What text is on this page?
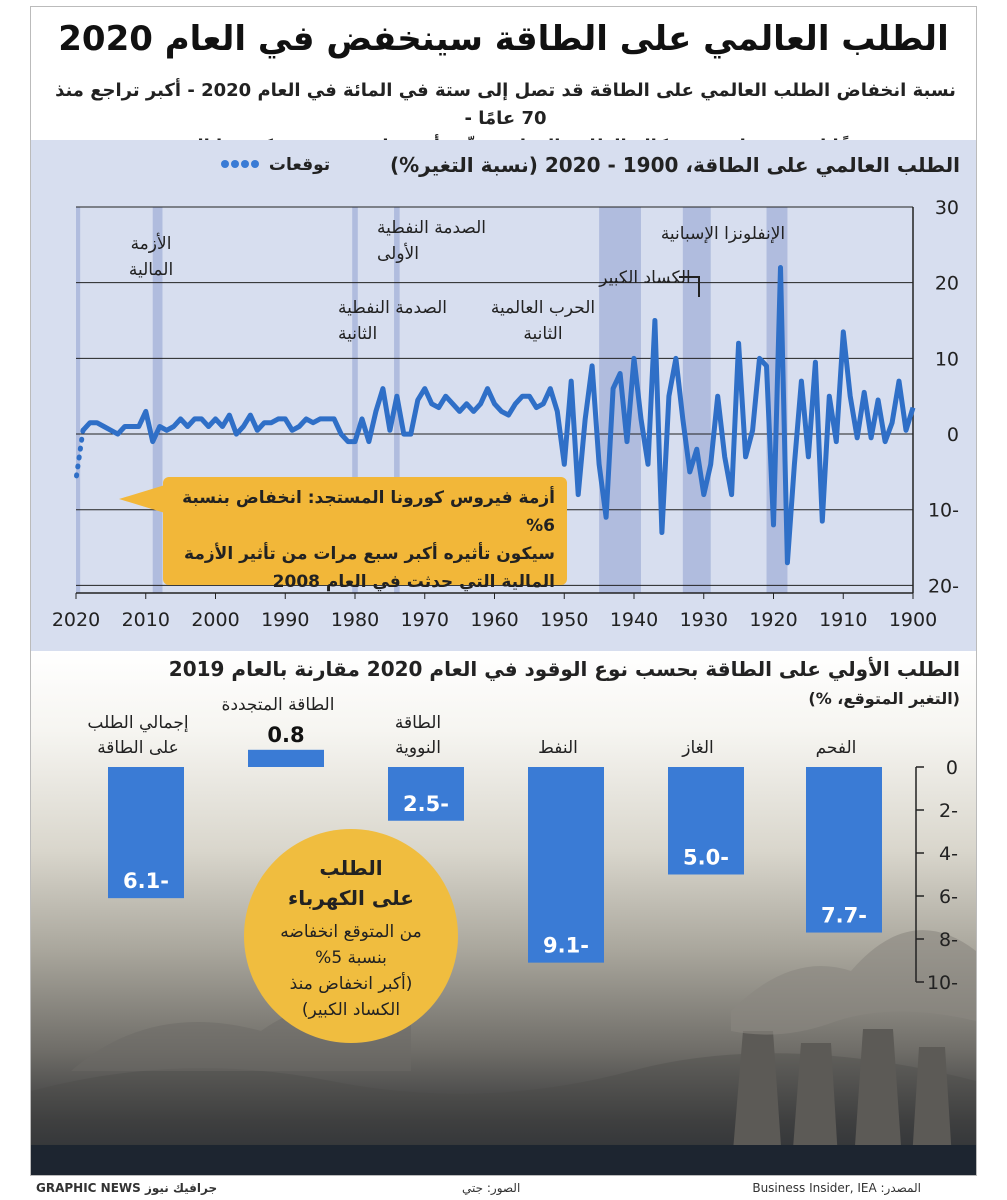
الطلب العالمي على الطاقة سينخفض في العام 2020
نسبة انخفاض الطلب العالمي على الطاقة قد تصل إلى ستة في المائة في العام 2020 - أكبر تراجع منذ 70 عامًا -
الطلب العالمي على الطاقة، 1900 - 2020 (نسبة التغير%)
توقعات
30
20
10
0
10-
20-
2020 2010 2000 1990 1980 1970 1960 1950 1940 1930 1920 1910 1900
الإنفلونزا الإسبانية
الكساد الكبير
الحرب العالمية الثانية
الصدمة النفطية الأولى
الصدمة النفطية الثانية
الأزمة المالية
أزمة فيروس كورونا المستجد: انخفاض بنسبة 6%
سيكون تأثيره أكبر سبع مرات من تأثير الأزمة
المالية التي حدثت في العام 2008
الطلب الأولي على الطاقة بحسب نوع الوقود في العام 2020 مقارنة بالعام 2019
(التغير المتوقع، %)
0
2-
4-
6-
8-
10-
7.7-
الفحم
5.0-
الغاز
9.1-
النفط
2.5-
الطاقة
النووية
0.8
الطاقة المتجددة
6.1-
إجمالي الطلب
على الطاقة
الطلب
على الكهرباء
من المتوقع انخفاضه
بنسبة 5%
(أكبر انخفاض منذ
الكساد الكبير)
المصدر: Business Insider, IEA
الصور: جتي
GRAPHIC NEWS جرافيك نيوز
